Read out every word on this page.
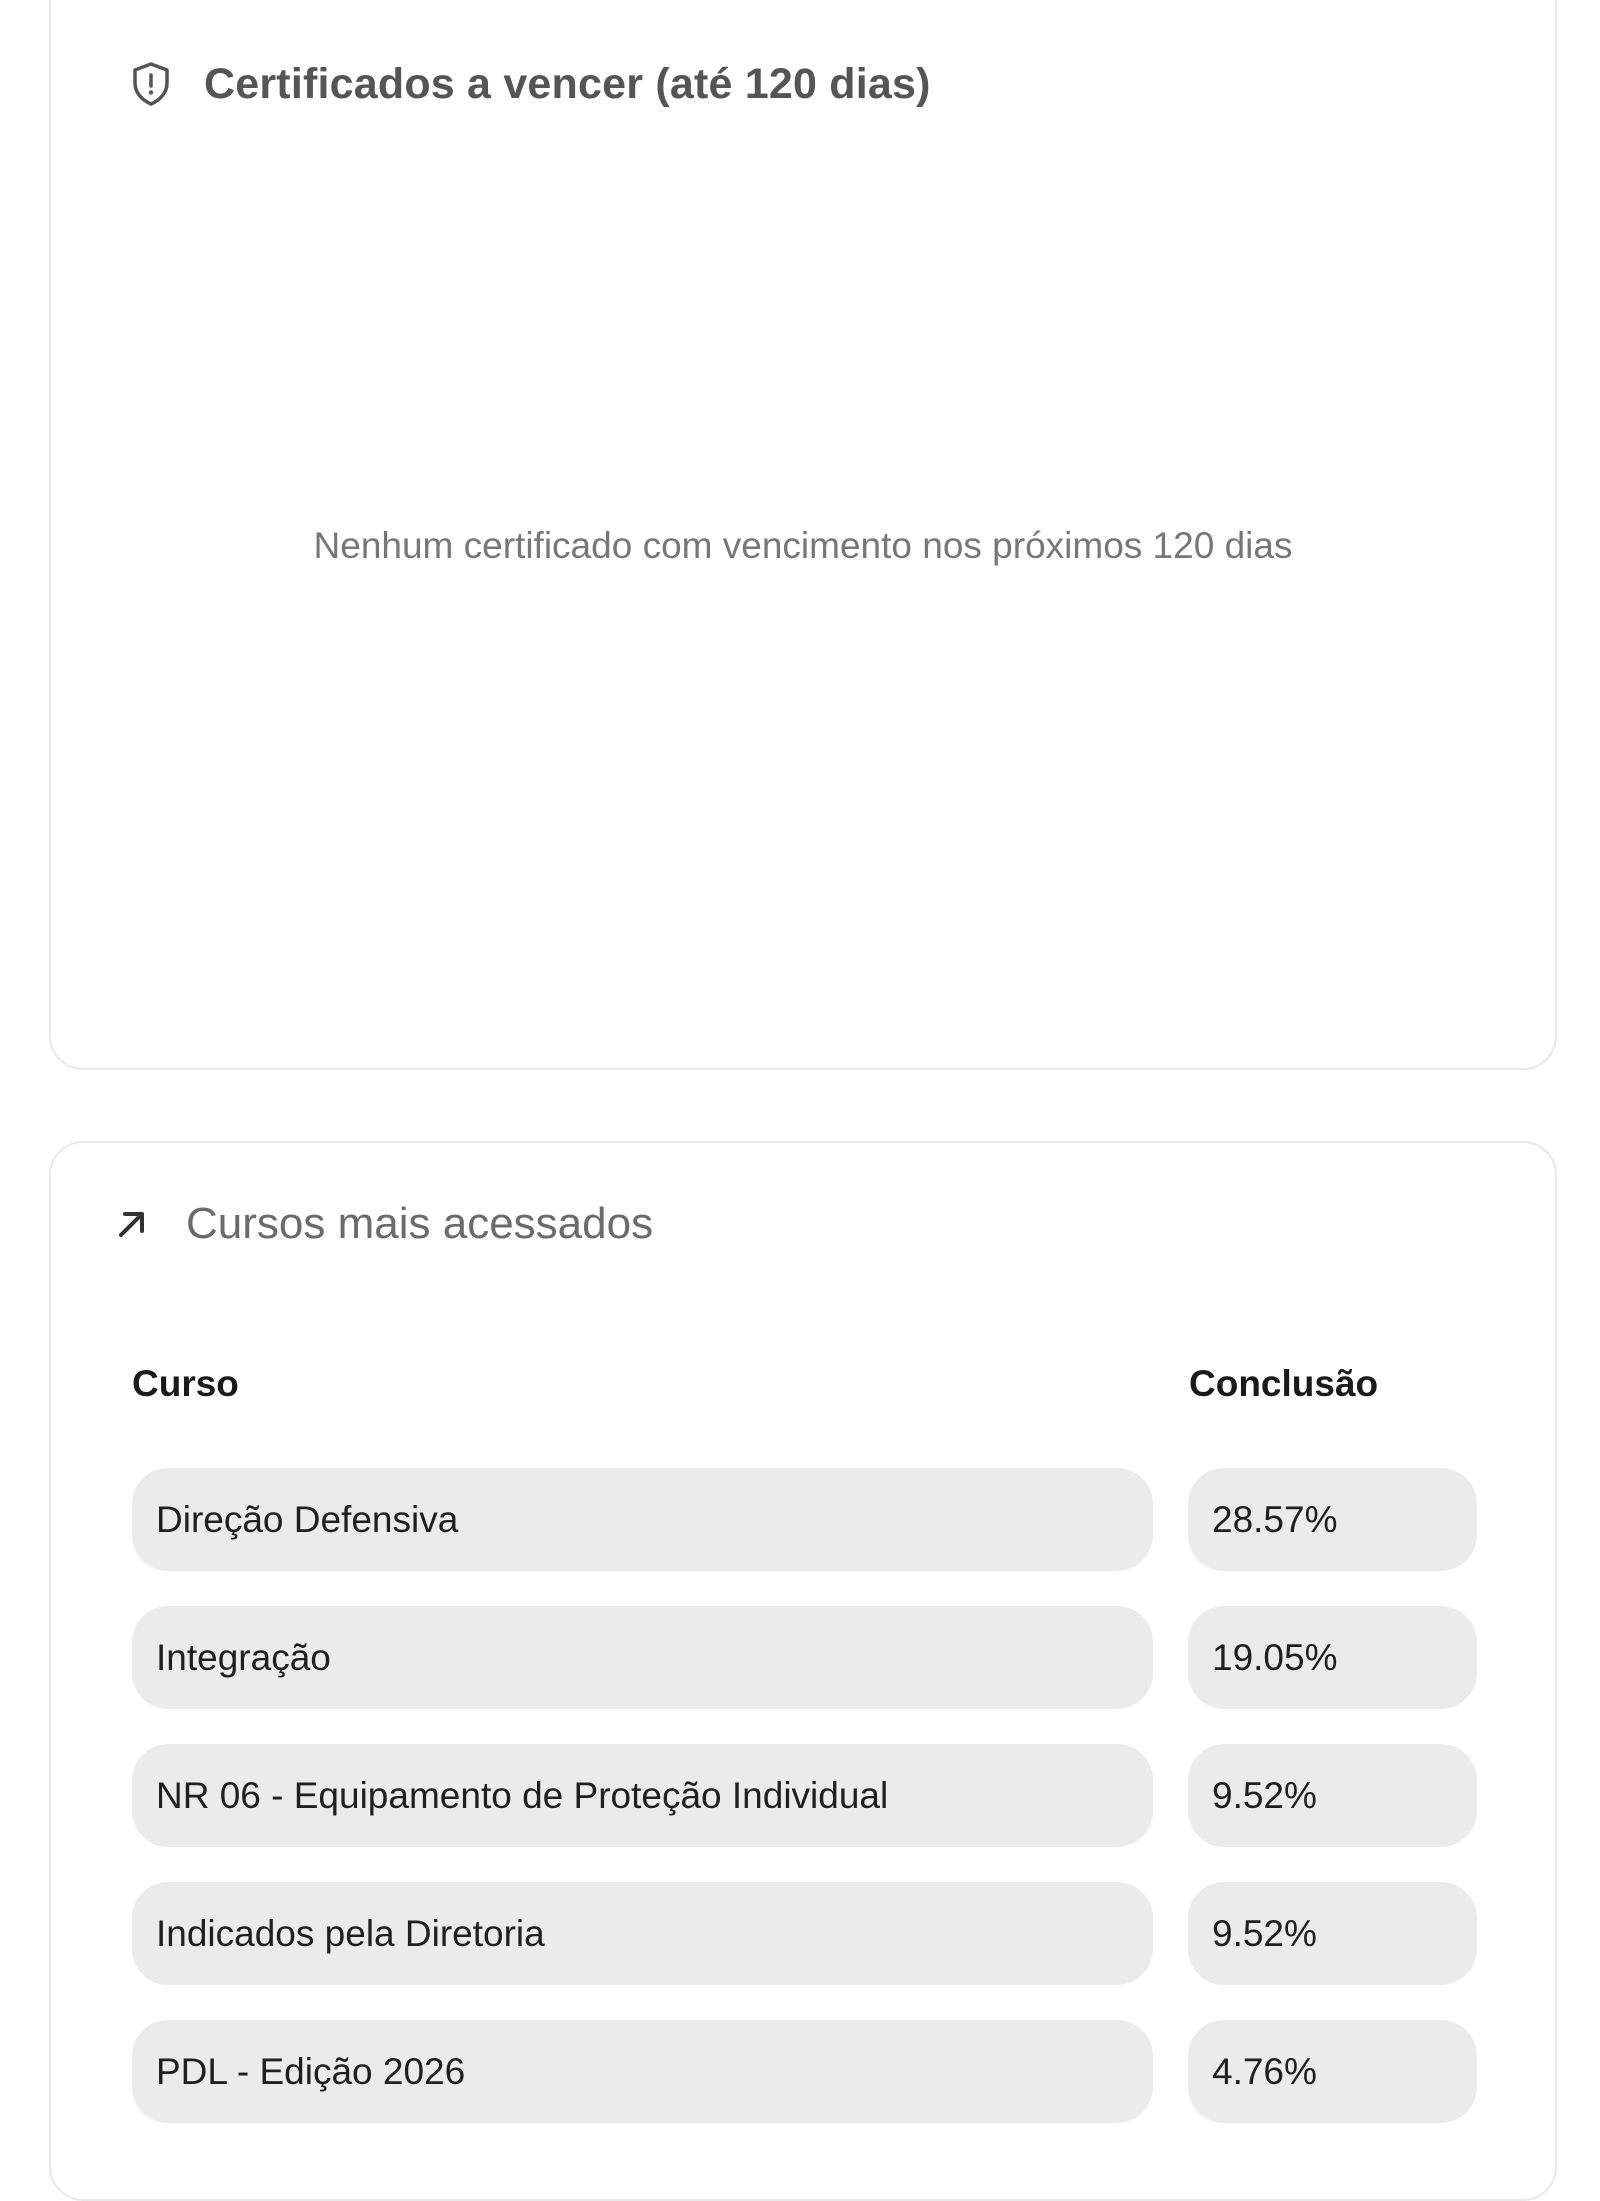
Certificados a vencer (até 120 dias)
Nenhum certificado com vencimento nos próximos 120 dias
Cursos mais acessados
Curso	Conclusão
Direção Defensiva	28.57%
Integração	19.05%
NR 06 - Equipamento de Proteção Individual	9.52%
Indicados pela Diretoria	9.52%
PDL - Edição 2026	4.76%
